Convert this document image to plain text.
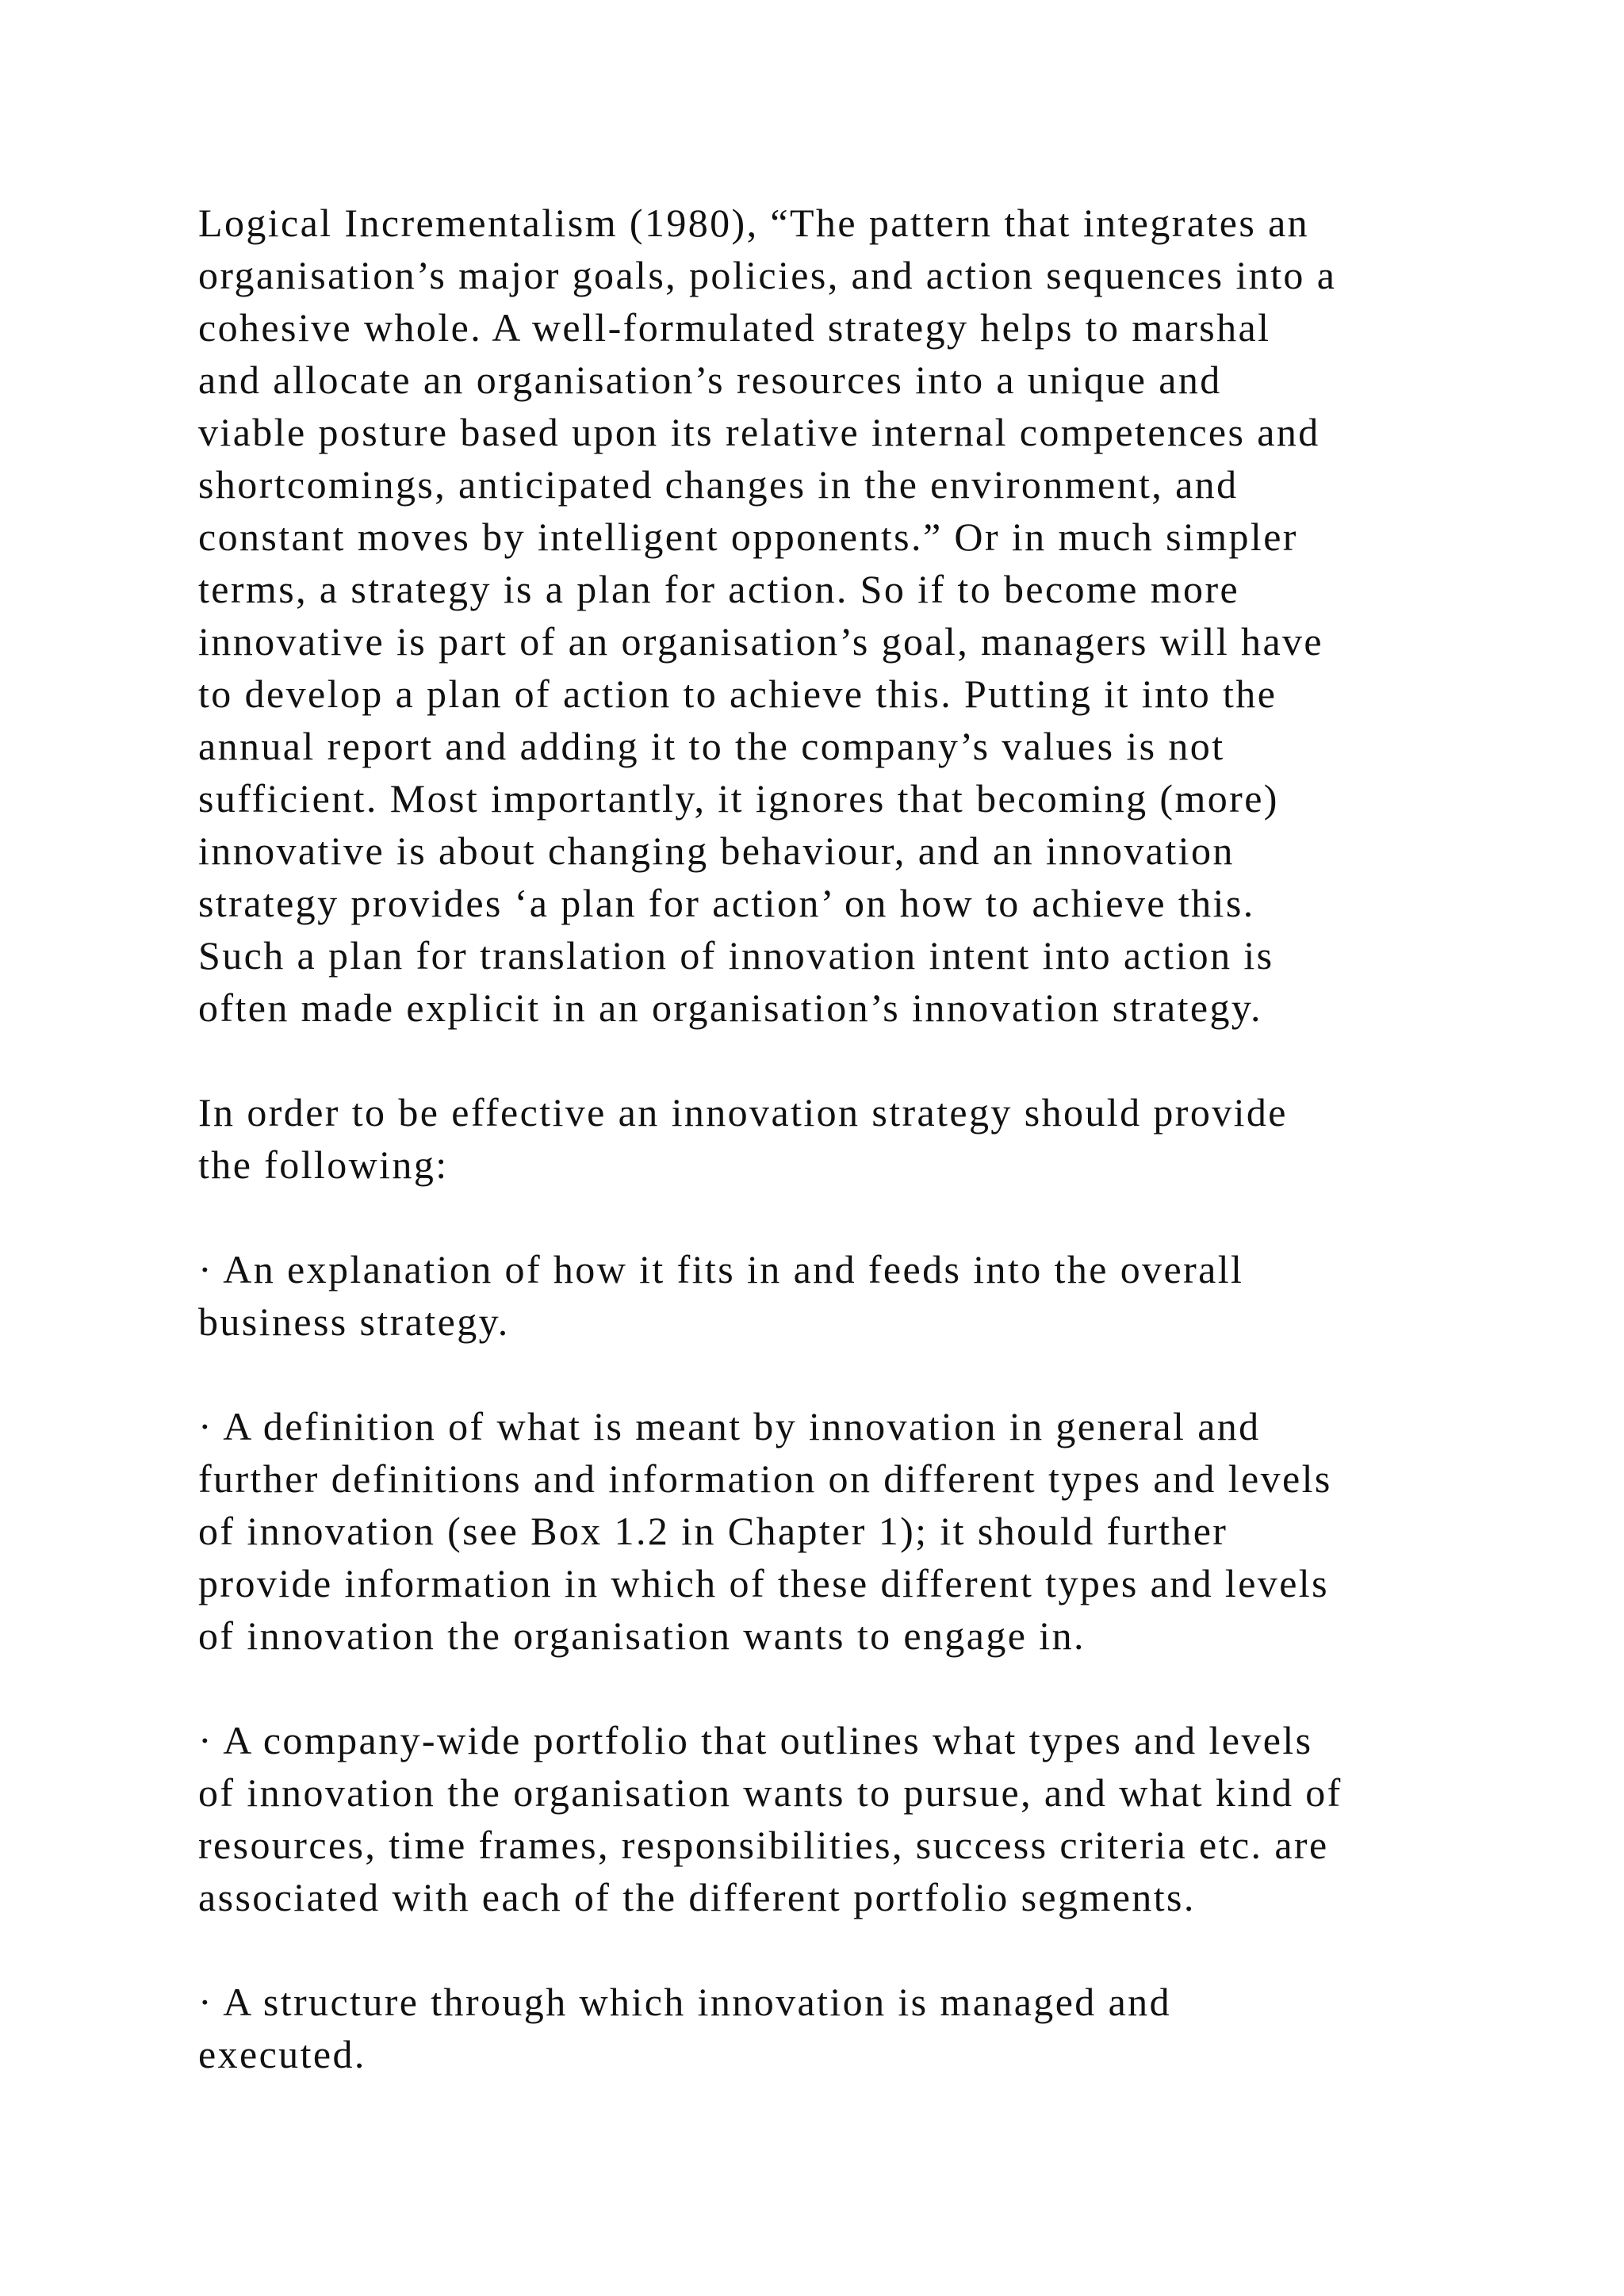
Logical Incrementalism (1980), “The pattern that integrates an
organisation’s major goals, policies, and action sequences into a
cohesive whole. A well-formulated strategy helps to marshal
and allocate an organisation’s resources into a unique and
viable posture based upon its relative internal competences and
shortcomings, anticipated changes in the environment, and
constant moves by intelligent opponents.” Or in much simpler
terms, a strategy is a plan for action. So if to become more
innovative is part of an organisation’s goal, managers will have
to develop a plan of action to achieve this. Putting it into the
annual report and adding it to the company’s values is not
sufficient. Most importantly, it ignores that becoming (more)
innovative is about changing behaviour, and an innovation
strategy provides ‘a plan for action’ on how to achieve this.
Such a plan for translation of innovation intent into action is
often made explicit in an organisation’s innovation strategy.
In order to be effective an innovation strategy should provide
the following:
· An explanation of how it fits in and feeds into the overall
business strategy.
· A definition of what is meant by innovation in general and
further definitions and information on different types and levels
of innovation (see Box 1.2 in Chapter 1); it should further
provide information in which of these different types and levels
of innovation the organisation wants to engage in.
· A company-wide portfolio that outlines what types and levels
of innovation the organisation wants to pursue, and what kind of
resources, time frames, responsibilities, success criteria etc. are
associated with each of the different portfolio segments.
· A structure through which innovation is managed and
executed.
